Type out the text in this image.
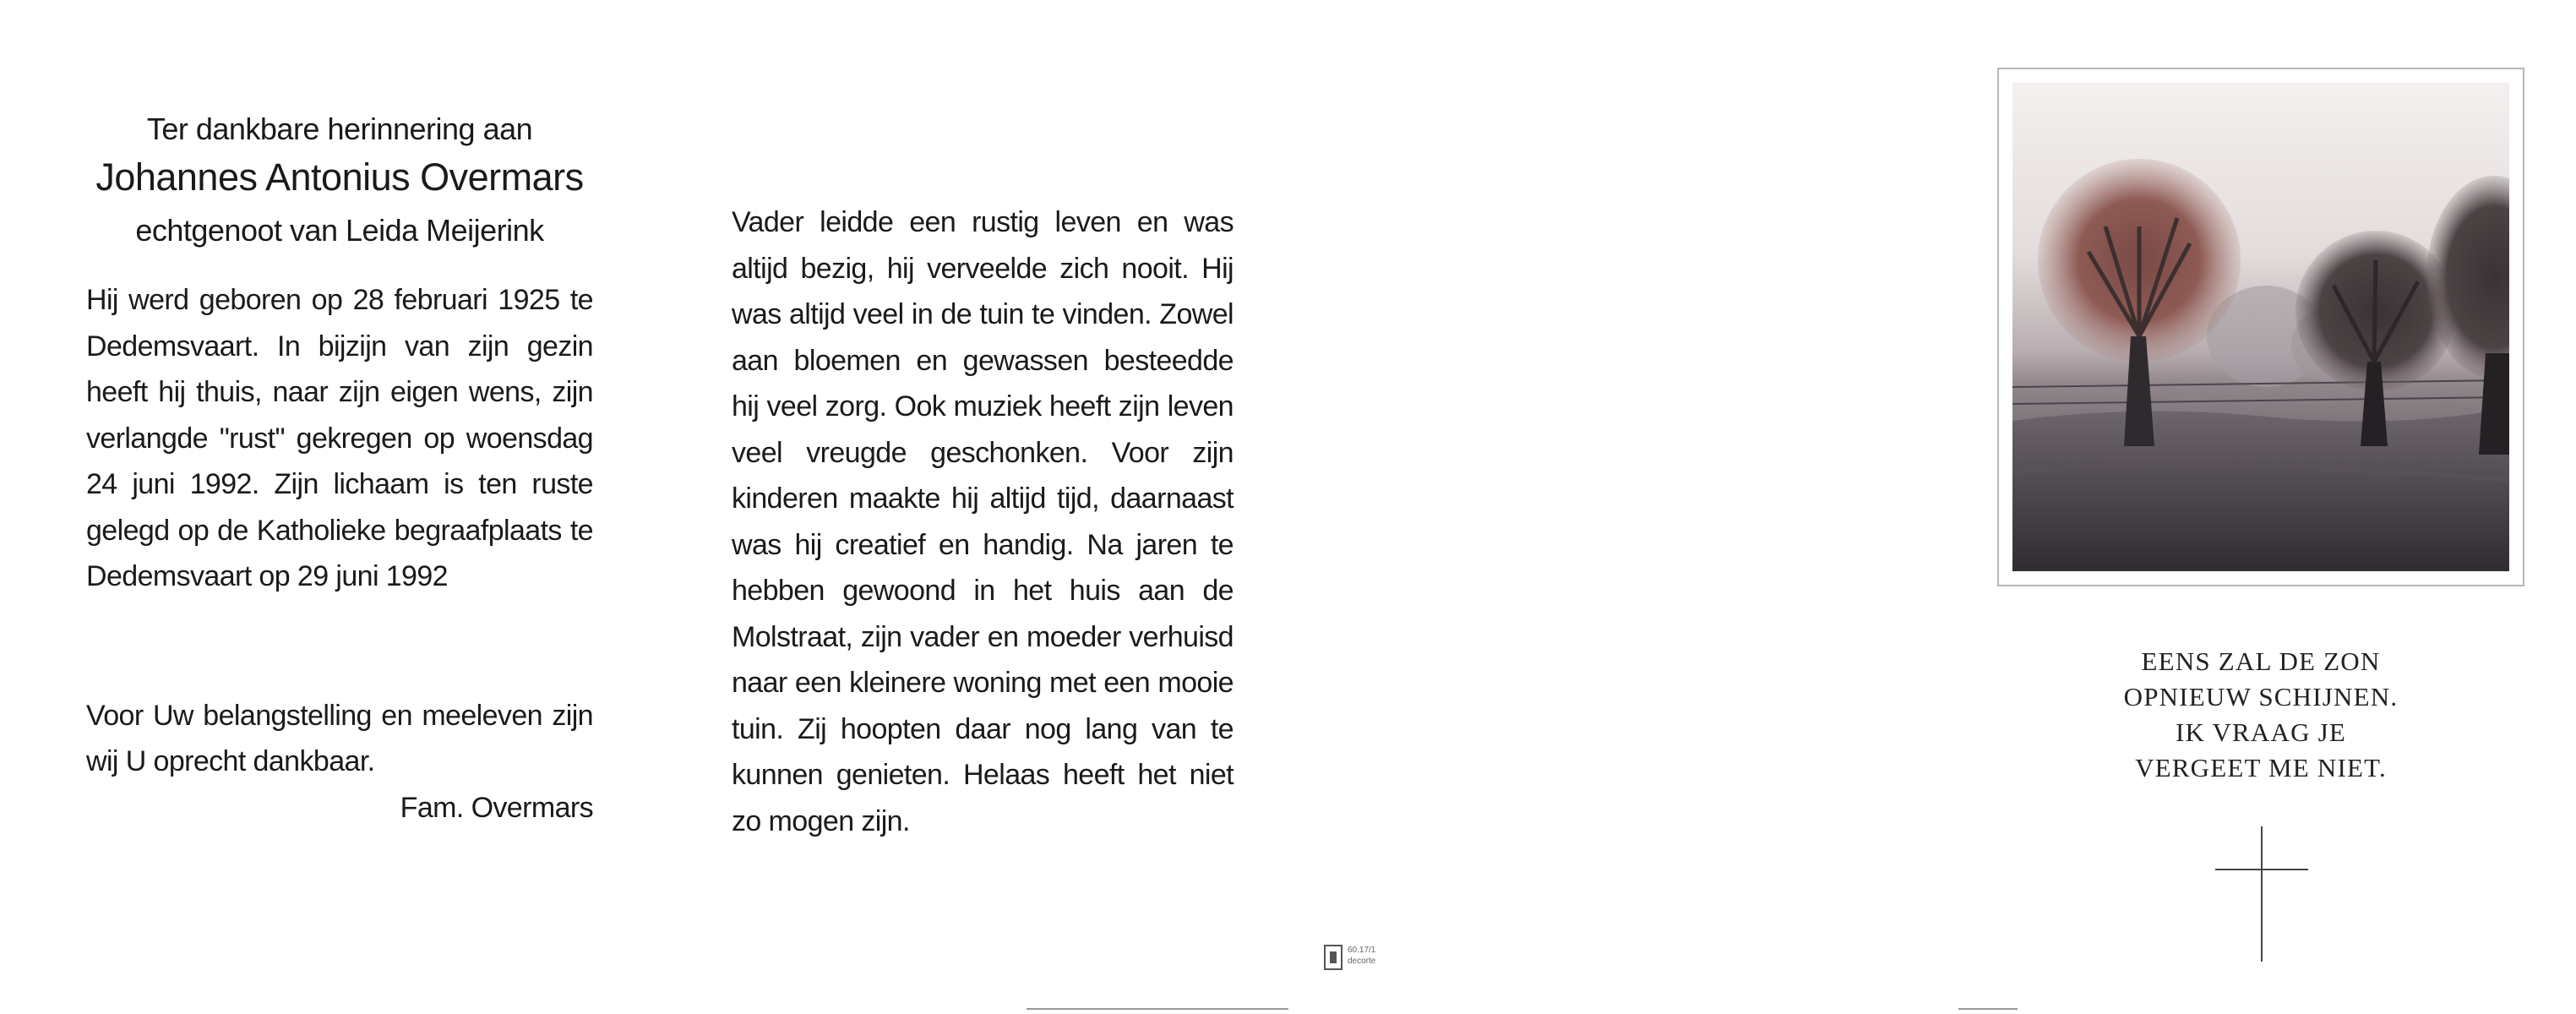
Ter dankbare herinnering aan
Johannes Antonius Overmars
echtgenoot van Leida Meijerink

Hij werd geboren op 28 februari 1925 te Dedemsvaart. In bijzijn van zijn gezin heeft hij thuis, naar zijn eigen wens, zijn verlangde "rust" gekregen op woensdag 24 juni 1992. Zijn lichaam is ten ruste gelegd op de Katholieke begraafplaats te Dedemsvaart op 29 juni 1992

Voor Uw belangstelling en meeleven zijn wij U oprecht dankbaar.

Fam. Overmars

Vader leidde een rustig leven en was altijd bezig, hij verveelde zich nooit. Hij was altijd veel in de tuin te vinden. Zowel aan bloemen en gewassen besteedde hij veel zorg. Ook muziek heeft zijn leven veel vreugde geschonken. Voor zijn kinderen maakte hij altijd tijd, daarnaast was hij creatief en handig. Na jaren te hebben gewoond in het huis aan de Molstraat, zijn vader en moeder verhuisd naar een kleinere woning met een mooie tuin. Zij hoopten daar nog lang van te kunnen genieten. Helaas heeft het niet zo mogen zijn.

EENS ZAL DE ZON
OPNIEUW SCHIJNEN.
IK VRAAG JE
VERGEET ME NIET.
60.17/1
decorte
